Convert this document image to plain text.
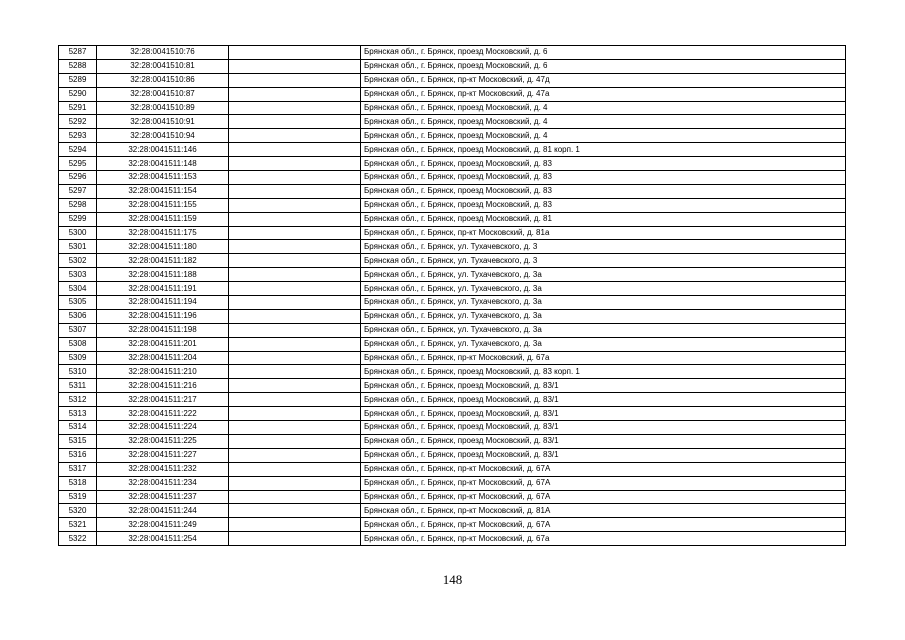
5287	32:28:0041510:76		Брянская обл., г. Брянск, проезд Московский, д. 6
5288	32:28:0041510:81		Брянская обл., г. Брянск, проезд Московский, д. 6
5289	32:28:0041510:86		Брянская обл., г. Брянск, пр-кт Московский, д. 47д
5290	32:28:0041510:87		Брянская обл., г. Брянск, пр-кт Московский, д. 47а
5291	32:28:0041510:89		Брянская обл., г. Брянск, проезд Московский, д. 4
5292	32:28:0041510:91		Брянская обл., г. Брянск, проезд Московский, д. 4
5293	32:28:0041510:94		Брянская обл., г. Брянск, проезд Московский, д. 4
5294	32:28:0041511:146		Брянская обл., г. Брянск, проезд Московский, д. 81 корп. 1
5295	32:28:0041511:148		Брянская обл., г. Брянск, проезд Московский, д. 83
5296	32:28:0041511:153		Брянская обл., г. Брянск, проезд Московский, д. 83
5297	32:28:0041511:154		Брянская обл., г. Брянск, проезд Московский, д. 83
5298	32:28:0041511:155		Брянская обл., г. Брянск, проезд Московский, д. 83
5299	32:28:0041511:159		Брянская обл., г. Брянск, проезд Московский, д. 81
5300	32:28:0041511:175		Брянская обл., г. Брянск, пр-кт Московский, д. 81а
5301	32:28:0041511:180		Брянская обл., г. Брянск, ул. Тухачевского, д. 3
5302	32:28:0041511:182		Брянская обл., г. Брянск, ул. Тухачевского, д. 3
5303	32:28:0041511:188		Брянская обл., г. Брянск, ул. Тухачевского, д. 3а
5304	32:28:0041511:191		Брянская обл., г. Брянск, ул. Тухачевского, д. 3а
5305	32:28:0041511:194		Брянская обл., г. Брянск, ул. Тухачевского, д. 3а
5306	32:28:0041511:196		Брянская обл., г. Брянск, ул. Тухачевского, д. 3а
5307	32:28:0041511:198		Брянская обл., г. Брянск, ул. Тухачевского, д. 3а
5308	32:28:0041511:201		Брянская обл., г. Брянск, ул. Тухачевского, д. 3а
5309	32:28:0041511:204		Брянская обл., г. Брянск, пр-кт Московский, д. 67а
5310	32:28:0041511:210		Брянская обл., г. Брянск, проезд Московский, д. 83 корп. 1
5311	32:28:0041511:216		Брянская обл., г. Брянск, проезд Московский, д. 83/1
5312	32:28:0041511:217		Брянская обл., г. Брянск, проезд Московский, д. 83/1
5313	32:28:0041511:222		Брянская обл., г. Брянск, проезд Московский, д. 83/1
5314	32:28:0041511:224		Брянская обл., г. Брянск, проезд Московский, д. 83/1
5315	32:28:0041511:225		Брянская обл., г. Брянск, проезд Московский, д. 83/1
5316	32:28:0041511:227		Брянская обл., г. Брянск, проезд Московский, д. 83/1
5317	32:28:0041511:232		Брянская обл., г. Брянск, пр-кт Московский, д. 67А
5318	32:28:0041511:234		Брянская обл., г. Брянск, пр-кт Московский, д. 67А
5319	32:28:0041511:237		Брянская обл., г. Брянск, пр-кт Московский, д. 67А
5320	32:28:0041511:244		Брянская обл., г. Брянск, пр-кт Московский, д. 81А
5321	32:28:0041511:249		Брянская обл., г. Брянск, пр-кт Московский, д. 67А
5322	32:28:0041511:254		Брянская обл., г. Брянск, пр-кт Московский, д. 67а
148
